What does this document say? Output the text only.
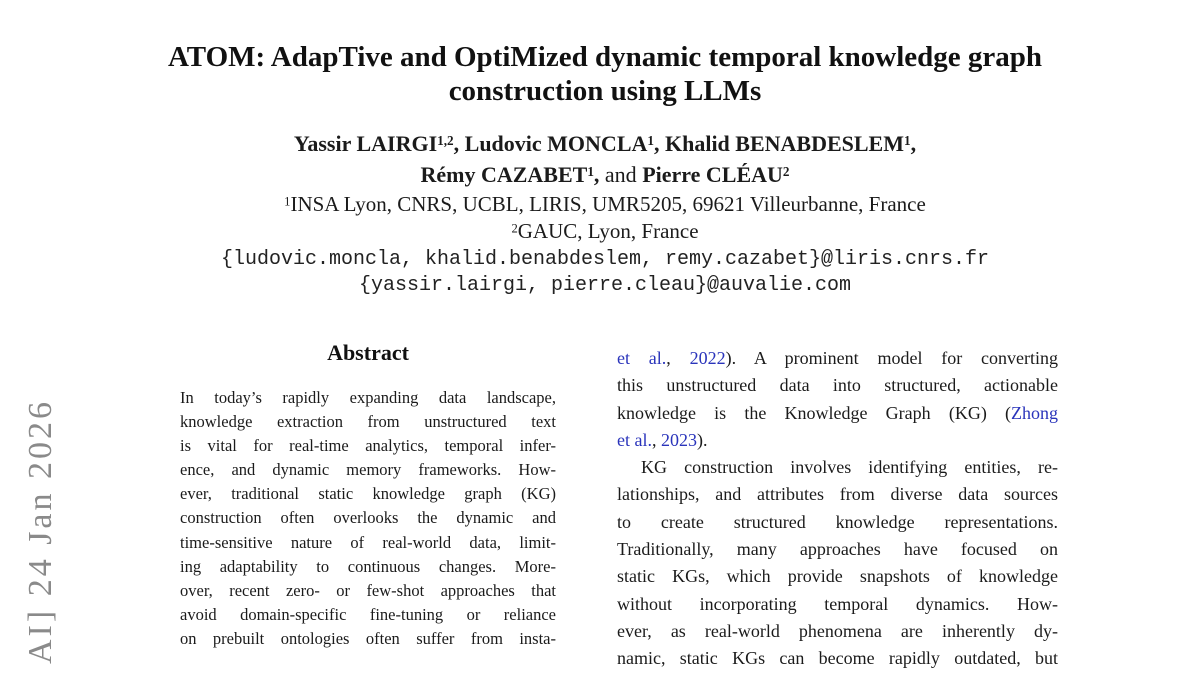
AI] 24 Jan 2026
ATOM: AdapTive and OptiMized dynamic temporal knowledge graph
construction using LLMs
Yassir LAIRGI$^{1,2}$, Ludovic MONCLA$^1$, Khalid BENABDESLEM$^1$,
Rémy CAZABET$^1$, and Pierre CLÉAU$^2$
$^1$INSA Lyon, CNRS, UCBL, LIRIS, UMR5205, 69621 Villeurbanne, France
$^2$GAUC, Lyon, France
{ludovic.moncla, khalid.benabdeslem, remy.cazabet}@liris.cnrs.fr
{yassir.lairgi, pierre.cleau}@auvalie.com
Abstract
In today’s rapidly expanding data landscape,
knowledge extraction from unstructured text
is vital for real-time analytics, temporal infer-
ence, and dynamic memory frameworks. How-
ever, traditional static knowledge graph (KG)
construction often overlooks the dynamic and
time-sensitive nature of real-world data, limit-
ing adaptability to continuous changes. More-
over, recent zero- or few-shot approaches that
avoid domain-specific fine-tuning or reliance
on prebuilt ontologies often suffer from insta-
et al., 2022). A prominent model for converting
this unstructured data into structured, actionable
knowledge is the Knowledge Graph (KG) (Zhong
et al., 2023).
KG construction involves identifying entities, re-
lationships, and attributes from diverse data sources
to create structured knowledge representations.
Traditionally, many approaches have focused on
static KGs, which provide snapshots of knowledge
without incorporating temporal dynamics. How-
ever, as real-world phenomena are inherently dy-
namic, static KGs can become rapidly outdated, but
